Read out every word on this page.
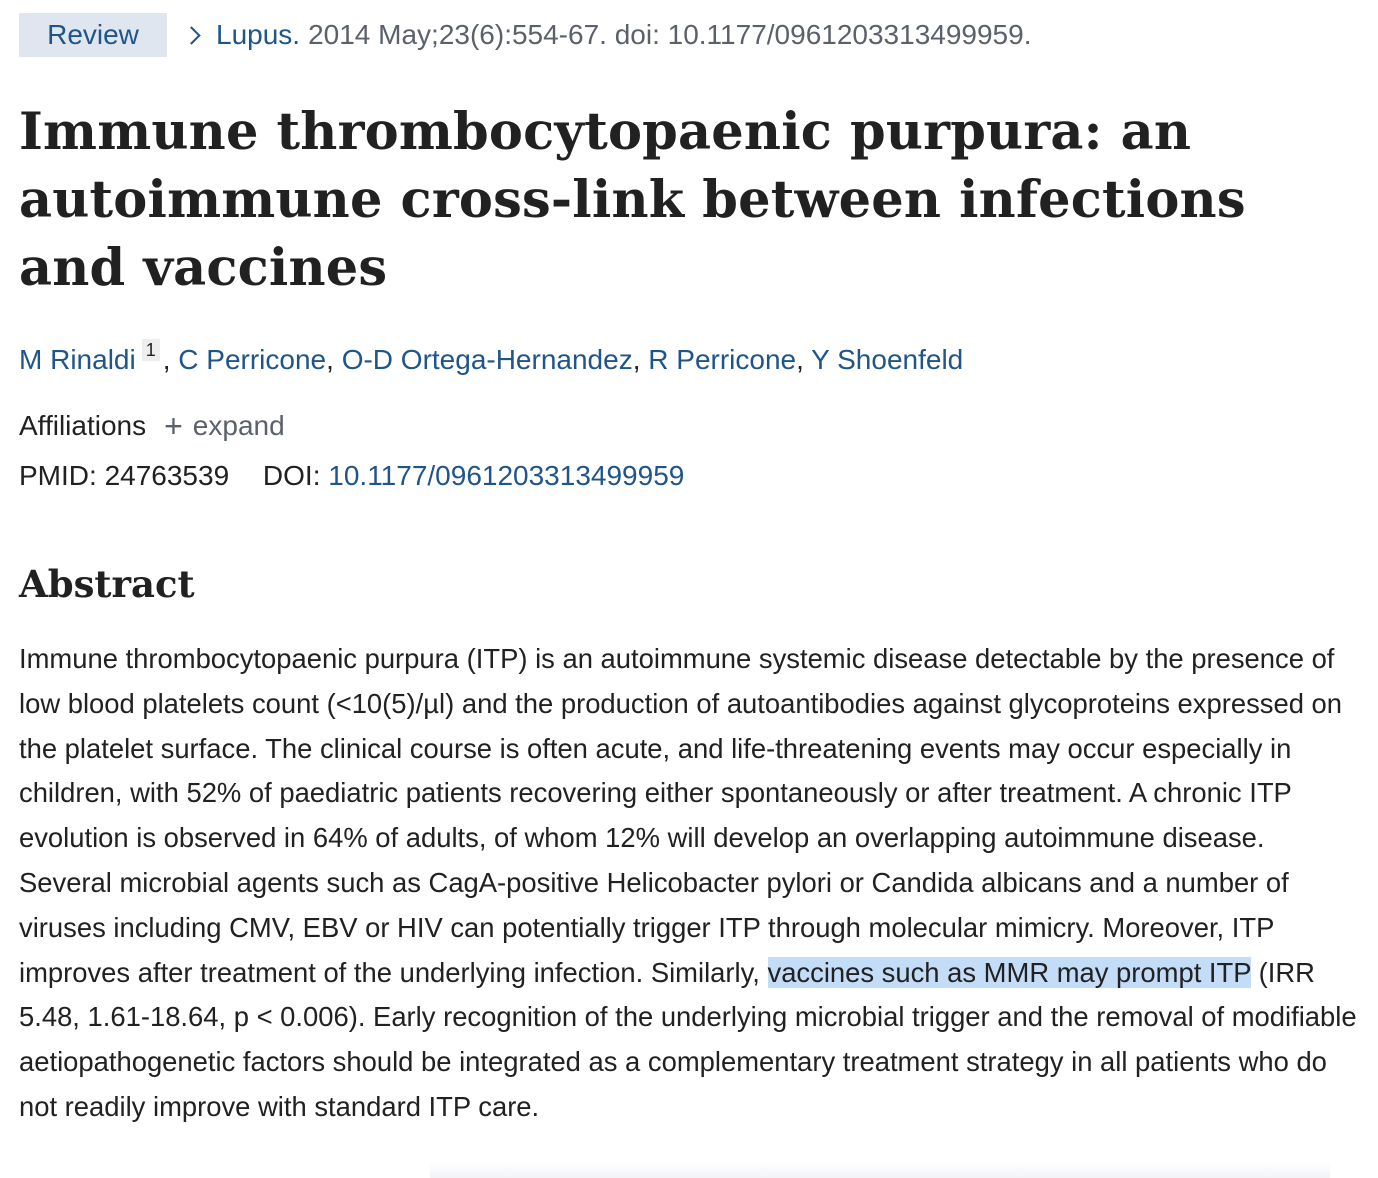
Review	Lupus. 2014 May;23(6):554-67. doi: 10.1177/0961203313499959.
Immune thrombocytopaenic purpura: an autoimmune cross-link between infections and vaccines
M Rinaldi $^1$ , C Perricone, O-D Ortega-Hernandez, R Perricone, Y Shoenfeld
Affiliations + expand
PMID: 24763539 DOI: 10.1177/0961203313499959
Abstract

Immune thrombocytopaenic purpura (ITP) is an autoimmune systemic disease detectable by the presence of low blood platelets count (<10(5)/µl) and the production of autoantibodies against glycoproteins expressed on the platelet surface. The clinical course is often acute, and life-threatening events may occur especially in children, with 52% of paediatric patients recovering either spontaneously or after treatment. A chronic ITP evolution is observed in 64% of adults, of whom 12% will develop an overlapping autoimmune disease. Several microbial agents such as CagA-positive Helicobacter pylori or Candida albicans and a number of viruses including CMV, EBV or HIV can potentially trigger ITP through molecular mimicry. Moreover, ITP improves after treatment of the underlying infection. Similarly, vaccines such as MMR may prompt ITP (IRR 5.48, 1.61-18.64, p < 0.006). Early recognition of the underlying microbial trigger and the removal of modifiable aetiopathogenetic factors should be integrated as a complementary treatment strategy in all patients who do not readily improve with standard ITP care.
